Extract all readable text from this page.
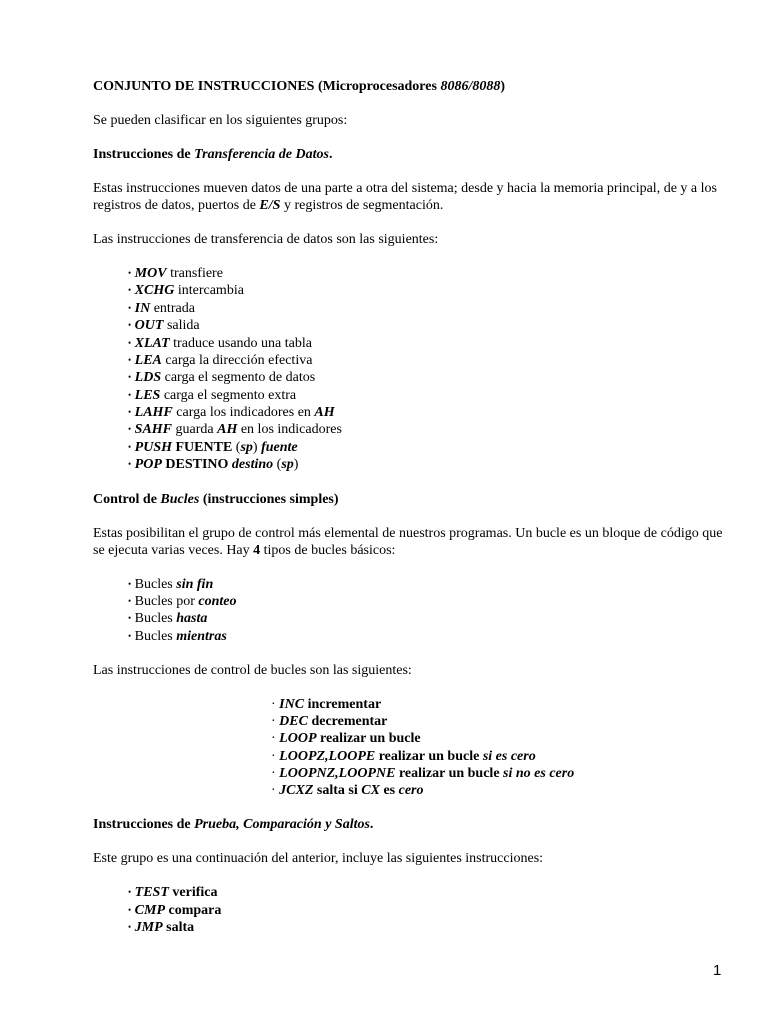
CONJUNTO DE INSTRUCCIONES (Microprocesadores 8086/8088)

Se pueden clasificar en los siguientes grupos:

Instrucciones de Transferencia de Datos.

Estas instrucciones mueven datos de una parte a otra del sistema; desde y hacia la memoria principal, de y a los registros de datos, puertos de E/S y registros de segmentación.

Las instrucciones de transferencia de datos son las siguientes:

• MOV transfiere
• XCHG intercambia
• IN entrada
• OUT salida
• XLAT traduce usando una tabla
• LEA carga la dirección efectiva
• LDS carga el segmento de datos
• LES carga el segmento extra
• LAHF carga los indicadores en AH
• SAHF guarda AH en los indicadores
• PUSH FUENTE (sp) fuente
• POP DESTINO destino (sp)

Control de Bucles (instrucciones simples)

Estas posibilitan el grupo de control más elemental de nuestros programas. Un bucle es un bloque de código que se ejecuta varias veces. Hay 4 tipos de bucles básicos:

• Bucles sin fin
• Bucles por conteo
• Bucles hasta
• Bucles mientras

Las instrucciones de control de bucles son las siguientes:

· INC incrementar
· DEC decrementar
· LOOP realizar un bucle
· LOOPZ,LOOPE realizar un bucle si es cero
· LOOPNZ,LOOPNE realizar un bucle si no es cero
· JCXZ salta si CX es cero

Instrucciones de Prueba, Comparación y Saltos.

Este grupo es una continuación del anterior, incluye las siguientes instrucciones:

• TEST verifica
• CMP compara
• JMP salta
1
